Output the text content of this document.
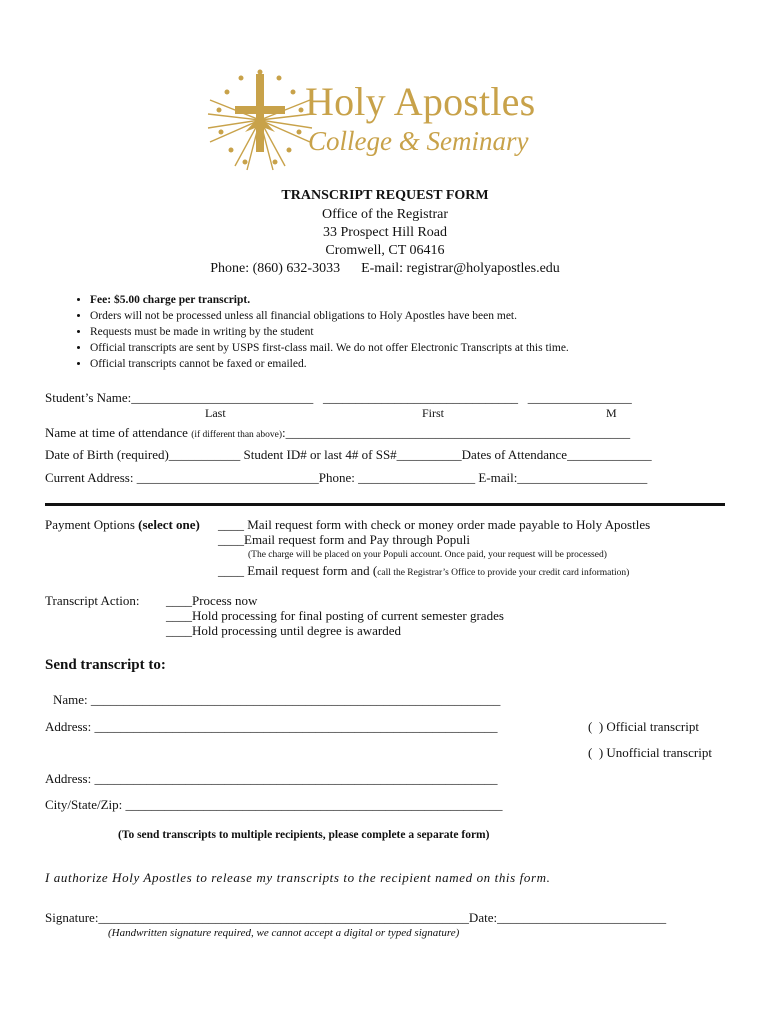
Holy Apostles
College & Seminary
TRANSCRIPT REQUEST FORM
Office of the Registrar
33 Prospect Hill Road
Cromwell, CT 06416
Phone: (860) 632-3033      E-mail: registrar@holyapostles.edu
• Fee: $5.00 charge per transcript.
• Orders will not be processed unless all financial obligations to Holy Apostles have been met.
• Requests must be made in writing by the student
• Official transcripts are sent by USPS first-class mail. We do not offer Electronic Transcripts at this time.
• Official transcripts cannot be faxed or emailed.
Student’s Name:____________________________   ______________________________   ________________
Last	First	M
Name at time of attendance (if different than above):_____________________________________________________
Date of Birth (required)___________ Student ID# or last 4# of SS#__________Dates of Attendance_____________
Current Address: ____________________________Phone: __________________ E-mail:____________________
Payment Options (select one) ____ Mail request form with check or money order made payable to Holy Apostles
____Email request form and Pay through Populi
(The charge will be placed on your Populi account. Once paid, your request will be processed)
____ Email request form and (call the Registrar’s Office to provide your credit card information)
Transcript Action: ____Process now
____Hold processing for final posting of current semester grades
____Hold processing until degree is awarded
Send transcript to:
Name: _______________________________________________________________
Address: ______________________________________________________________	(  ) Official transcript
(  ) Unofficial transcript
Address: ______________________________________________________________
City/State/Zip: __________________________________________________________
(To send transcripts to multiple recipients, please complete a separate form)
I authorize Holy Apostles to release my transcripts to the recipient named on this form.
Signature:_________________________________________________________Date:__________________________
(Handwritten signature required, we cannot accept a digital or typed signature)
